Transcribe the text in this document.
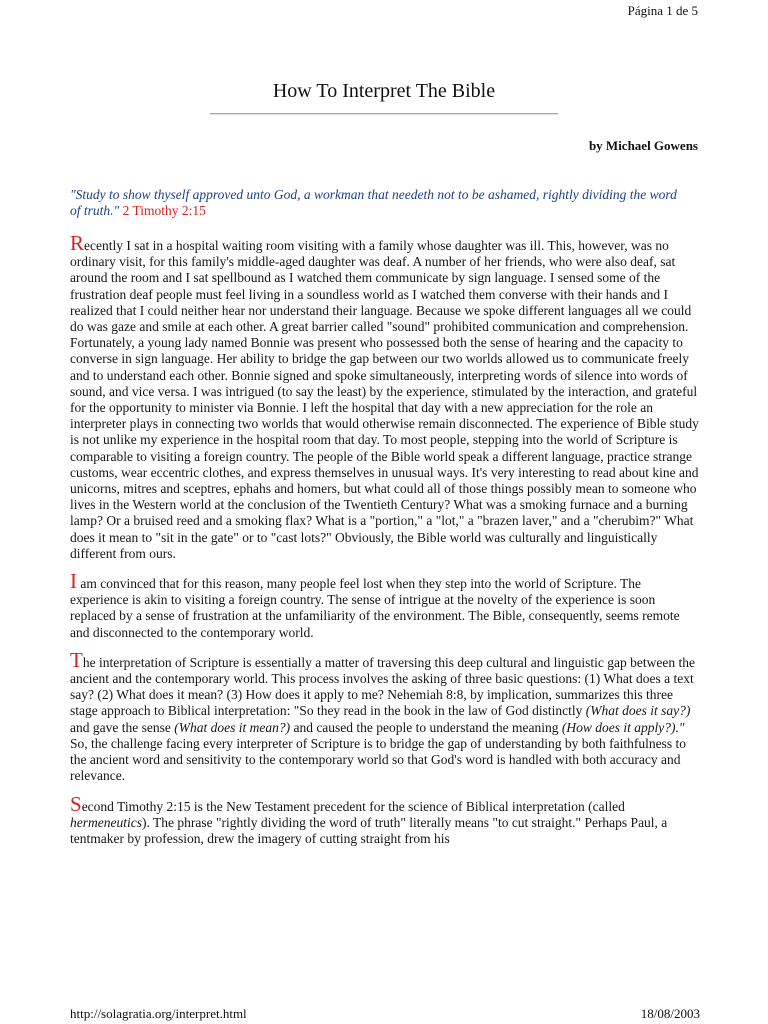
Página 1 de 5
How To Interpret The Bible
by Michael Gowens
"Study to show thyself approved unto God, a workman that needeth not to be ashamed, rightly dividing the word of truth." 2 Timothy 2:15

Recently I sat in a hospital waiting room visiting with a family whose daughter was ill. This, however, was no ordinary visit, for this family's middle-aged daughter was deaf. A number of her friends, who were also deaf, sat around the room and I sat spellbound as I watched them communicate by sign language. I sensed some of the frustration deaf people must feel living in a soundless world as I watched them converse with their hands and I realized that I could neither hear nor understand their language. Because we spoke different languages all we could do was gaze and smile at each other. A great barrier called "sound" prohibited communication and comprehension. Fortunately, a young lady named Bonnie was present who possessed both the sense of hearing and the capacity to converse in sign language. Her ability to bridge the gap between our two worlds allowed us to communicate freely and to understand each other. Bonnie signed and spoke simultaneously, interpreting words of silence into words of sound, and vice versa. I was intrigued (to say the least) by the experience, stimulated by the interaction, and grateful for the opportunity to minister via Bonnie. I left the hospital that day with a new appreciation for the role an interpreter plays in connecting two worlds that would otherwise remain disconnected. The experience of Bible study is not unlike my experience in the hospital room that day. To most people, stepping into the world of Scripture is comparable to visiting a foreign country. The people of the Bible world speak a different language, practice strange customs, wear eccentric clothes, and express themselves in unusual ways. It's very interesting to read about kine and unicorns, mitres and sceptres, ephahs and homers, but what could all of those things possibly mean to someone who lives in the Western world at the conclusion of the Twentieth Century? What was a smoking furnace and a burning lamp? Or a bruised reed and a smoking flax? What is a "portion," a "lot," a "brazen laver," and a "cherubim?" What does it mean to "sit in the gate" or to "cast lots?" Obviously, the Bible world was culturally and linguistically different from ours.

I am convinced that for this reason, many people feel lost when they step into the world of Scripture. The experience is akin to visiting a foreign country. The sense of intrigue at the novelty of the experience is soon replaced by a sense of frustration at the unfamiliarity of the environment. The Bible, consequently, seems remote and disconnected to the contemporary world.

The interpretation of Scripture is essentially a matter of traversing this deep cultural and linguistic gap between the ancient and the contemporary world. This process involves the asking of three basic questions: (1) What does a text say? (2) What does it mean? (3) How does it apply to me? Nehemiah 8:8, by implication, summarizes this three stage approach to Biblical interpretation: "So they read in the book in the law of God distinctly (What does it say?) and gave the sense (What does it mean?) and caused the people to understand the meaning (How does it apply?)." So, the challenge facing every interpreter of Scripture is to bridge the gap of understanding by both faithfulness to the ancient word and sensitivity to the contemporary world so that God's word is handled with both accuracy and relevance.

Second Timothy 2:15 is the New Testament precedent for the science of Biblical interpretation (called hermeneutics). The phrase "rightly dividing the word of truth" literally means "to cut straight." Perhaps Paul, a tentmaker by profession, drew the imagery of cutting straight from his

http://solagratia.org/interpret.html	18/08/2003
